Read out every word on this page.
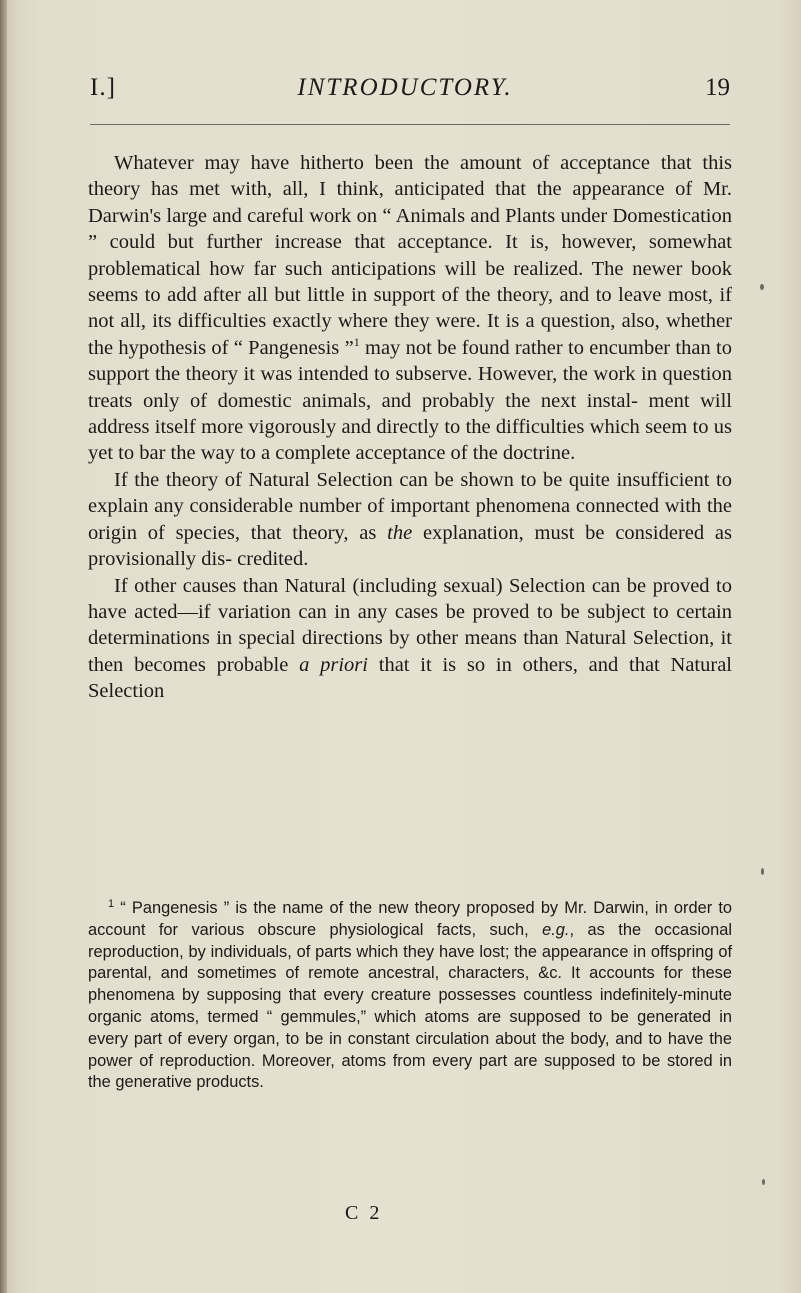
I.]	INTRODUCTORY.	19

Whatever may have hitherto been the amount of acceptance that this theory has met with, all, I think, anticipated that the appearance of Mr. Darwin's large and careful work on “ Animals and Plants under Domestication ” could but further increase that acceptance. It is, however, somewhat problematical how far such anticipations will be realized. The newer book seems to add after all but little in support of the theory, and to leave most, if not all, its difficulties exactly where they were. It is a question, also, whether the hypothesis of “ Pangenesis ”$^1$ may not be found rather to encumber than to support the theory it was intended to subserve. However, the work in question treats only of domestic animals, and probably the next instal- ment will address itself more vigorously and directly to the difficulties which seem to us yet to bar the way to a complete acceptance of the doctrine.

If the theory of Natural Selection can be shown to be quite insufficient to explain any considerable number of important phenomena connected with the origin of species, that theory, as the explanation, must be considered as provisionally dis- credited.

If other causes than Natural (including sexual) Selection can be proved to have acted—if variation can in any cases be proved to be subject to certain determinations in special directions by other means than Natural Selection, it then becomes probable a priori that it is so in others, and that Natural Selection

$^1$ “ Pangenesis ” is the name of the new theory proposed by Mr. Darwin, in order to account for various obscure physiological facts, such, e.g., as the occasional reproduction, by individuals, of parts which they have lost; the appearance in offspring of parental, and sometimes of remote ancestral, characters, &c. It accounts for these phenomena by supposing that every creature possesses countless indefinitely-minute organic atoms, termed “ gemmules,” which atoms are supposed to be generated in every part of every organ, to be in constant circulation about the body, and to have the power of reproduction. Moreover, atoms from every part are supposed to be stored in the generative products.

C 2
